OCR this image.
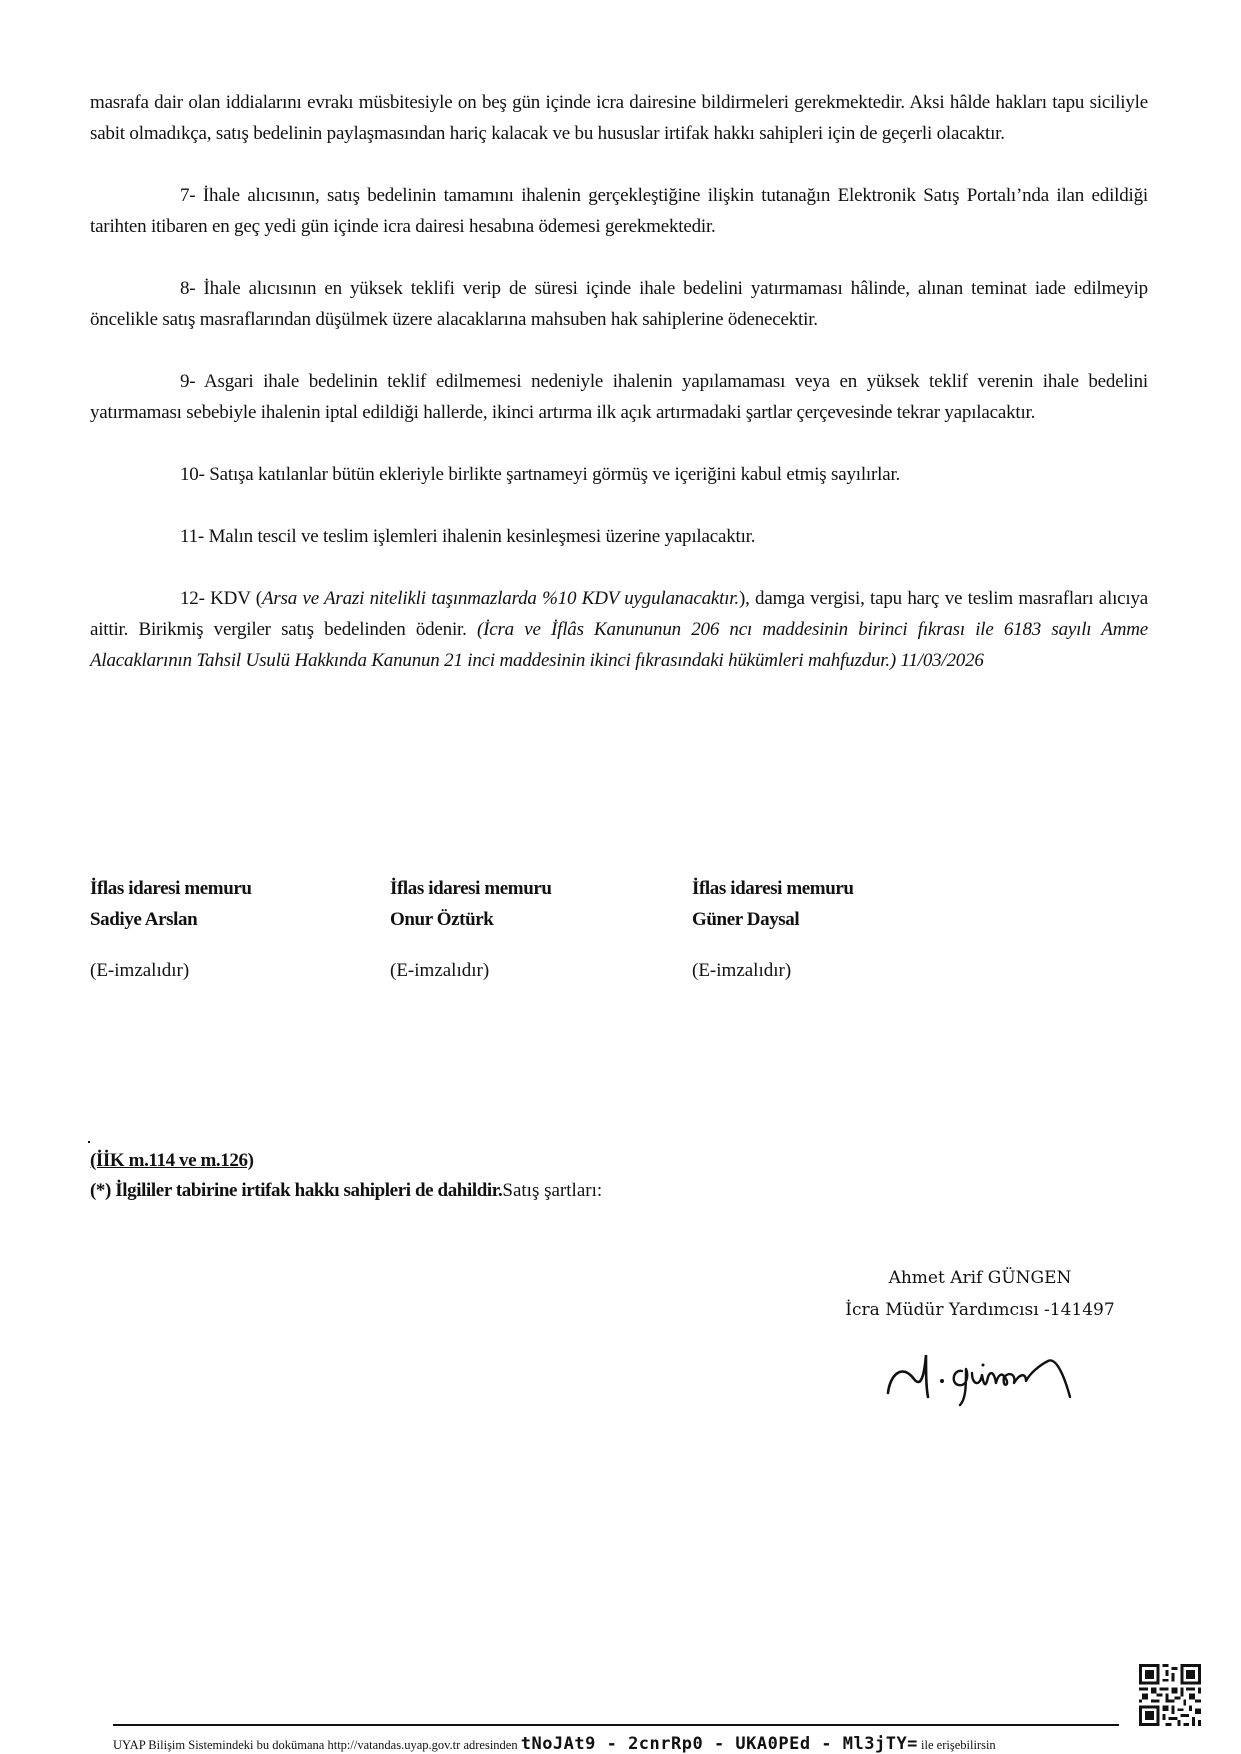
masrafa dair olan iddialarını evrakı müsbitesiyle on beş gün içinde icra dairesine bildirmeleri gerekmektedir. Aksi hâlde hakları tapu siciliyle sabit olmadıkça, satış bedelinin paylaşmasından hariç kalacak ve bu hususlar irtifak hakkı sahipleri için de geçerli olacaktır.

7- İhale alıcısının, satış bedelinin tamamını ihalenin gerçekleştiğine ilişkin tutanağın Elektronik Satış Portalı’nda ilan edildiği tarihten itibaren en geç yedi gün içinde icra dairesi hesabına ödemesi gerekmektedir.

8- İhale alıcısının en yüksek teklifi verip de süresi içinde ihale bedelini yatırmaması hâlinde, alınan teminat iade edilmeyip öncelikle satış masraflarından düşülmek üzere alacaklarına mahsuben hak sahiplerine ödenecektir.

9- Asgari ihale bedelinin teklif edilmemesi nedeniyle ihalenin yapılamaması veya en yüksek teklif verenin ihale bedelini yatırmaması sebebiyle ihalenin iptal edildiği hallerde, ikinci artırma ilk açık artırmadaki şartlar çerçevesinde tekrar yapılacaktır.

10- Satışa katılanlar bütün ekleriyle birlikte şartnameyi görmüş ve içeriğini kabul etmiş sayılırlar.

11- Malın tescil ve teslim işlemleri ihalenin kesinleşmesi üzerine yapılacaktır.

12- KDV (Arsa ve Arazi nitelikli taşınmazlarda %10 KDV uygulanacaktır.), damga vergisi, tapu harç ve teslim masrafları alıcıya aittir. Birikmiş vergiler satış bedelinden ödenir. (İcra ve İflâs Kanununun 206 ncı maddesinin birinci fıkrası ile 6183 sayılı Amme Alacaklarının Tahsil Usulü Hakkında Kanunun 21 inci maddesinin ikinci fıkrasındaki hükümleri mahfuzdur.) 11/03/2026

İflas idaresi memuru
Sadiye Arslan
(E-imzalıdır)
İflas idaresi memuru
Onur Öztürk
(E-imzalıdır)
İflas idaresi memuru
Güner Daysal
(E-imzalıdır)
(İİK m.114 ve m.126)
(*) İlgililer tabirine irtifak hakkı sahipleri de dahildir.Satış şartları:
Ahmet Arif GÜNGEN
İcra Müdür Yardımcısı -141497
UYAP Bilişim Sistemindeki bu dokümana http://vatandas.uyap.gov.tr adresinden tNoJAt9 - 2cnrRp0 - UKA0PEd - Ml3jTY= ile erişebilirsin
